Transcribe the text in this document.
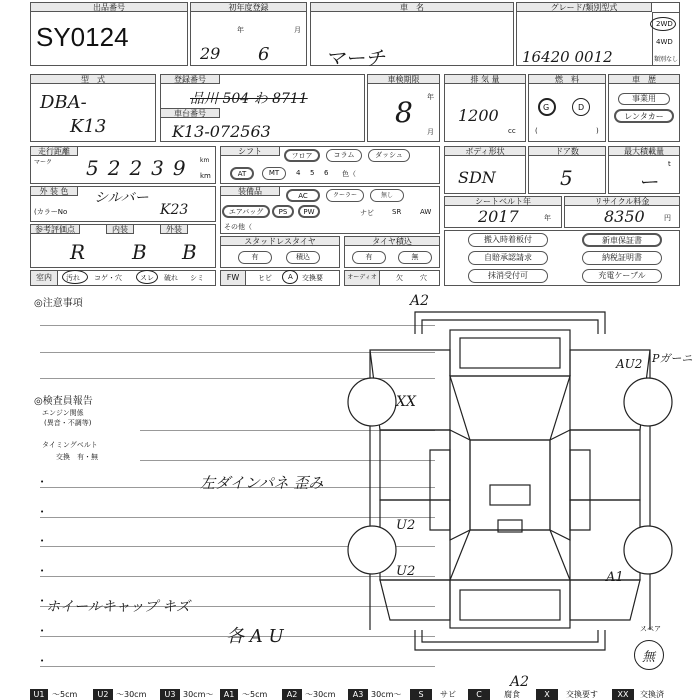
出品番号
SY0124
初年度登録
29
年
6
月
車　名
マーチ
グレード/類別型式
16420 0012
2WD
4WD
類別なし
型　式
DBA-
K13
登録番号
品川 504 わ 8711
車台番号
K13-072563
車検期限
8 年
月
排 気 量
1200
cc
燃　料
G	D
(	)
車　歴
事業用
レンタカー
走行距離
マーク 52239 km
km
シフト	フロア	コラム	ダッシュ
AT	MT	4 5 6 色（
ボディ形状
SDN
ドア数
5
最大積載量
ー
t
外 装 色	シルバー
(カラーNo	K23
装備品	AC	クーラー	無し
エアバッグ	PS	PW	ナビ	SR	AW
その他（
シートベルト年
2017	年
リサイクル料金
8350	円
参考評価点
R
内装
B
外装
B	スタッドレスタイヤ
有	積込
タイヤ積込
有	無
搬入時着板付
自賠承認請求
抹消受付可
新車保証書
納税証明書
充電ケーブル
室内	汚れ コゲ・穴	スレ 破れ シミ	FW	ヒビ A 交換要	オーディオ	欠 穴
◎注意事項
◎検査員報告
エンジン関係
(異音・不調等)
タイミングベルト
交換　有・無
•
•
•
•
•
•
•
左ダインパネ 歪み
ホイールキャップ キズ
各 A U
A2
XX
AU2 Pガーニ
U2
U2	A1
A2
スペア
無
U1 ～5cm	U2 ～30cm	U3 30cm～	A1 ～5cm	A2 ～30cm	A3 30cm～	S	サビ	C	腐食	X	交換要す	XX	交換済
